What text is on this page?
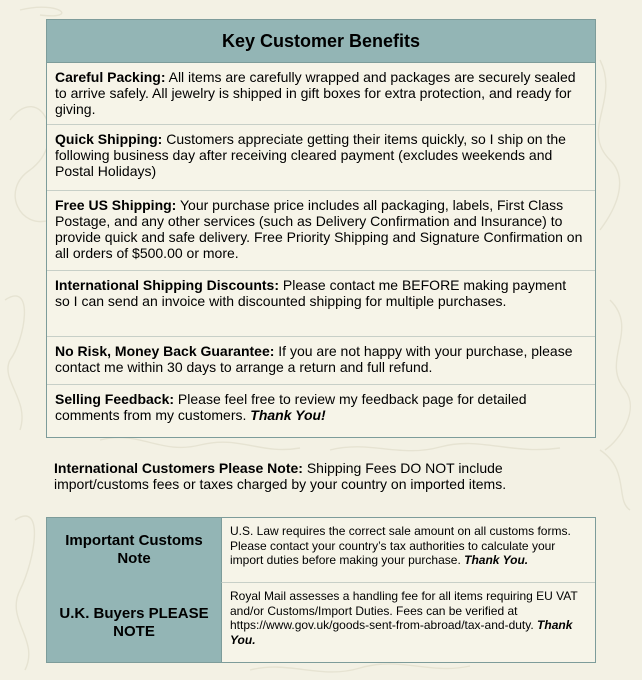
Key Customer Benefits
Careful Packing: All items are carefully wrapped and packages are securely sealed to arrive safely. All jewelry is shipped in gift boxes for extra protection, and ready for giving.
Quick Shipping: Customers appreciate getting their items quickly, so I ship on the following business day after receiving cleared payment (excludes weekends and Postal Holidays)
Free US Shipping: Your purchase price includes all packaging, labels, First Class Postage, and any other services (such as Delivery Confirmation and Insurance) to provide quick and safe delivery. Free Priority Shipping and Signature Confirmation on all orders of $500.00 or more.
International Shipping Discounts: Please contact me BEFORE making payment so I can send an invoice with discounted shipping for multiple purchases.
No Risk, Money Back Guarantee: If you are not happy with your purchase, please contact me within 30 days to arrange a return and full refund.
Selling Feedback: Please feel free to review my feedback page for detailed comments from my customers. Thank You!
International Customers Please Note: Shipping Fees DO NOT include import/customs fees or taxes charged by your country on imported items.
Important Customs Note
U.S. Law requires the correct sale amount on all customs forms. Please contact your country’s tax authorities to calculate your import duties before making your purchase. Thank You.
U.K. Buyers PLEASE NOTE
Royal Mail assesses a handling fee for all items requiring EU VAT and/or Customs/Import Duties. Fees can be verified at https://www.gov.uk/goods-sent-from-abroad/tax-and-duty. Thank You.
